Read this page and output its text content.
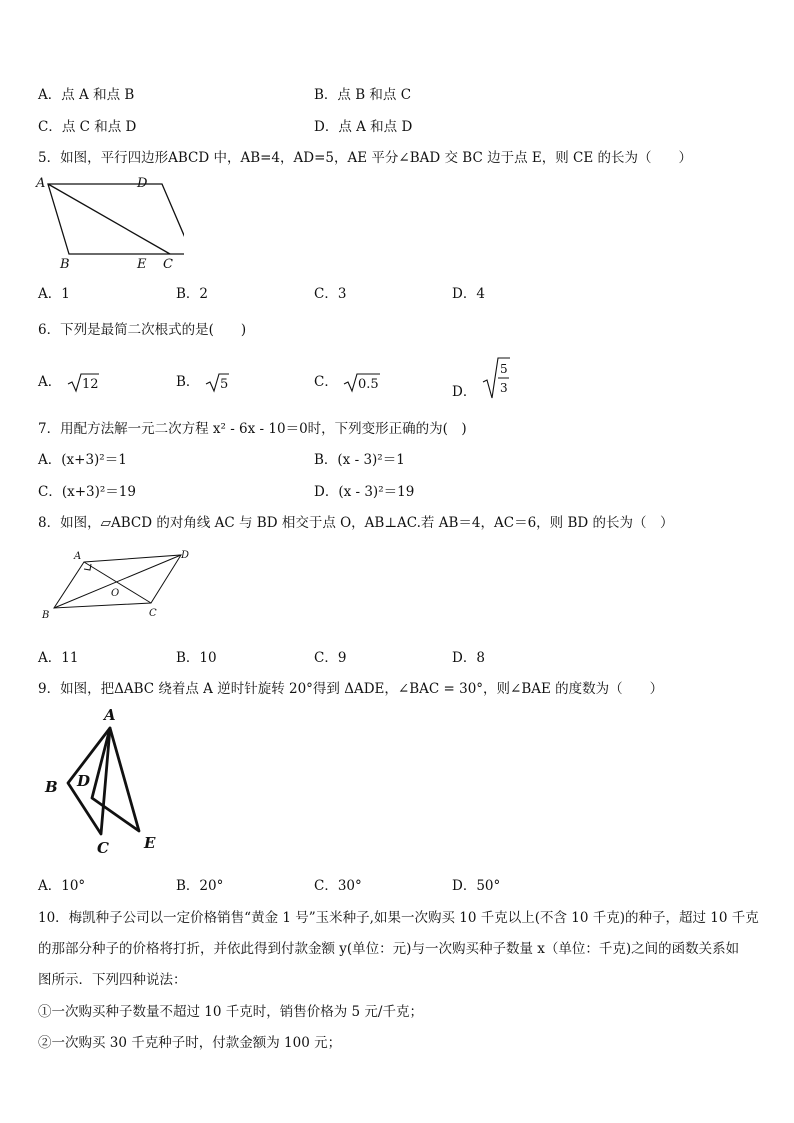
A．点 A 和点 B	B．点 B 和点 C
C．点 C 和点 D	D．点 A 和点 D
5．如图，平行四边形ABCD 中，AB=4，AD=5，AE 平分∠BAD 交 BC 边于点 E，则 CE 的长为（　　）
A	D
B	E C
A．1	B．2	C．3	D．4
6．下列是最简二次根式的是(　　)
A． 12	B． 5	C． 0.5	D．
5
3
7．用配方法解一元二次方程 x² - 6x - 10＝0时，下列变形正确的为(　)
A．(x+3)²＝1	B．(x - 3)²＝1
C．(x+3)²＝19	D．(x - 3)²＝19
8．如图，▱ABCD 的对角线 AC 与 BD 相交于点 O，AB⊥AC.若 AB＝4，AC＝6，则 BD 的长为（　）
A	D
B	C
O
A．11	B．10	C．9	D．8
9．如图，把ΔABC 绕着点 A 逆时针旋转 20°得到 ΔADE，∠BAC = 30°，则∠BAE 的度数为（　　）
A
B D
C E
A．10°	B．20°	C．30°	D．50°
10．梅凯种子公司以一定价格销售“黄金 1 号”玉米种子,如果一次购买 10 千克以上(不含 10 千克)的种子，超过 10 千克
的那部分种子的价格将打折，并依此得到付款金额 y(单位：元)与一次购买种子数量 x（单位：千克)之间的函数关系如
图所示．下列四种说法：
①一次购买种子数量不超过 10 千克时，销售价格为 5 元/千克；
②一次购买 30 千克种子时，付款金额为 100 元；
